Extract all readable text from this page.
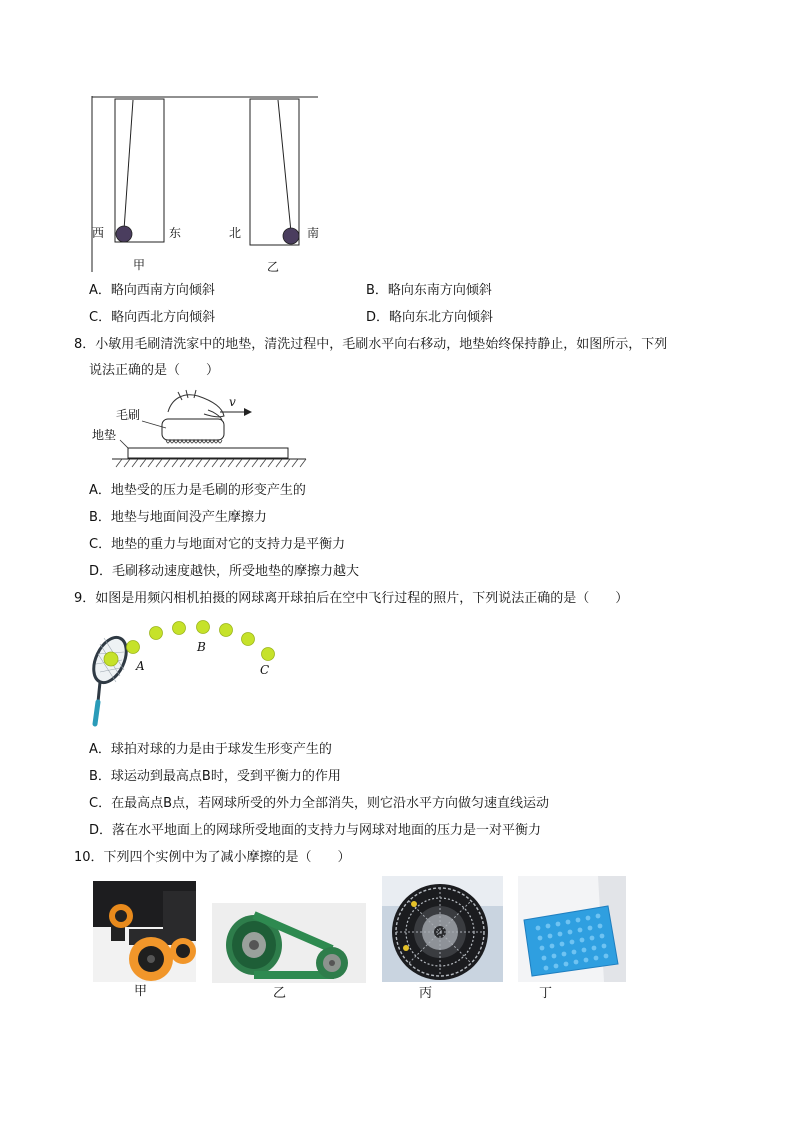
西	东	北	南
甲	乙
A．略向西南方向倾斜	B．略向东南方向倾斜
C．略向西北方向倾斜	D．略向东北方向倾斜
8．小敏用毛刷清洗家中的地垫，清洗过程中，毛刷水平向右移动，地垫始终保持静止，如图所示，下列
说法正确的是（　　）
v
毛刷
地垫
A．地垫受的压力是毛刷的形变产生的
B．地垫与地面间没产生摩擦力
C．地垫的重力与地面对它的支持力是平衡力
D．毛刷移动速度越快，所受地垫的摩擦力越大
9．如图是用频闪相机拍摄的网球离开球拍后在空中飞行过程的照片，下列说法正确的是（　　）
A
B
C
A．球拍对球的力是由于球发生形变产生的
B．球运动到最高点B时，受到平衡力的作用
C．在最高点B点，若网球所受的外力全部消失，则它沿水平方向做匀速直线运动
D．落在水平地面上的网球所受地面的支持力与网球对地面的压力是一对平衡力
10．下列四个实例中为了减小摩擦的是（　　）
甲	乙	丙	丁
